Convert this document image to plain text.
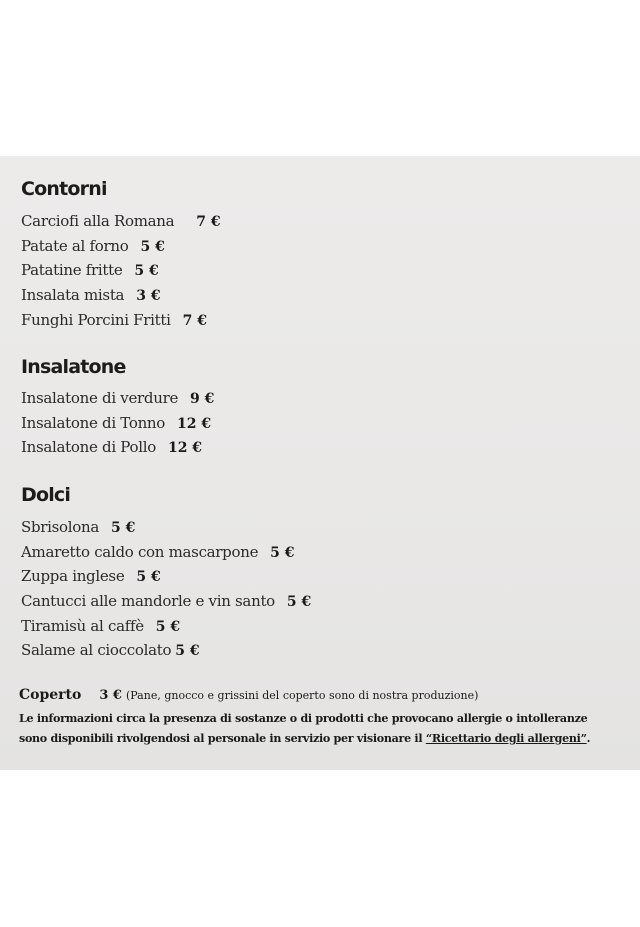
Contorni
Carciofi alla Romana 7 €
Patate al forno 5 €
Patatine fritte 5 €
Insalata mista 3 €
Funghi Porcini Fritti 7 €
Insalatone
Insalatone di verdure 9 €
Insalatone di Tonno 12 €
Insalatone di Pollo 12 €
Dolci
Sbrisolona 5 €
Amaretto caldo con mascarpone 5 €
Zuppa inglese 5 €
Cantucci alle mandorle e vin santo 5 €
Tiramisù al caffè 5 €
Salame al cioccolato 5 €
Coperto 3 € (Pane, gnocco e grissini del coperto sono di nostra produzione)

Le informazioni circa la presenza di sostanze o di prodotti che provocano allergie o intolleranze
sono disponibili rivolgendosi al personale in servizio per visionare il “Ricettario degli allergeni”.
